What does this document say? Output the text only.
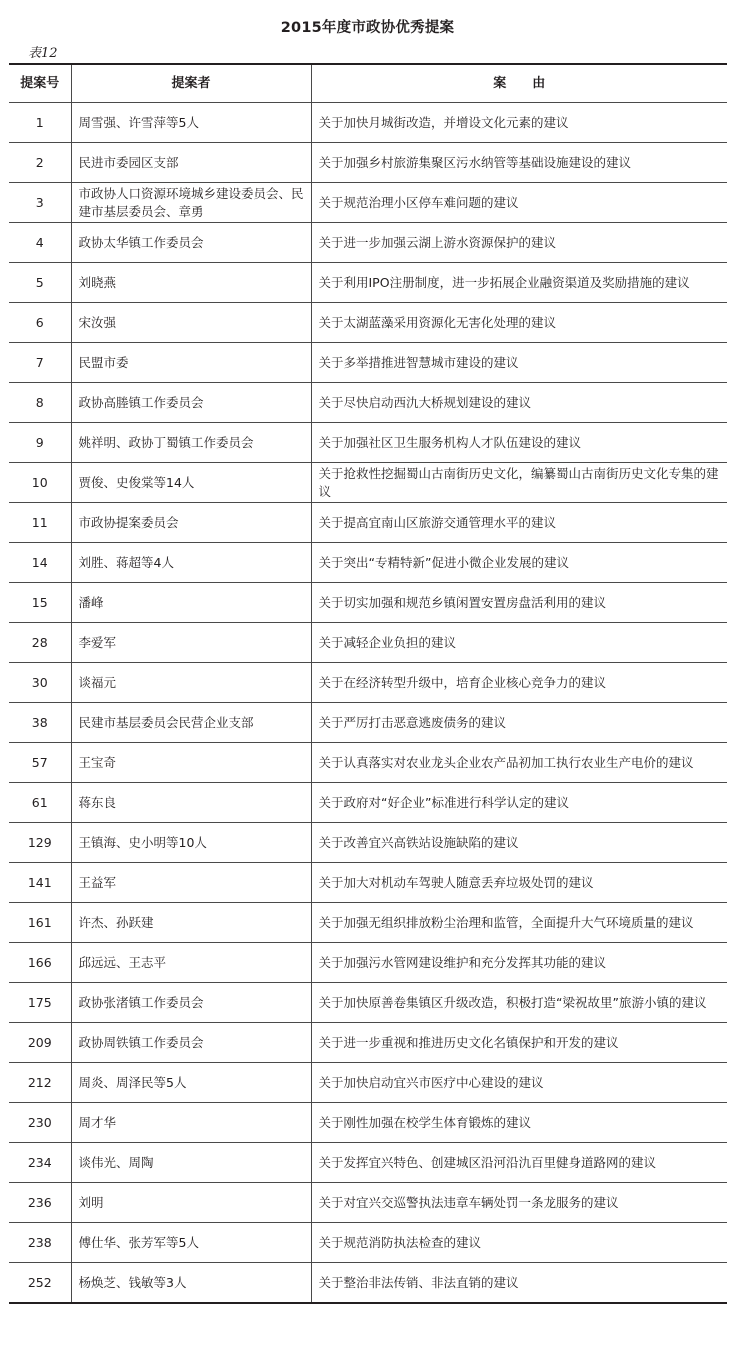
2015年度市政协优秀提案
表12
提案号	提案者	案　　由
1	周雪强、许雪萍等5人	关于加快月城街改造，并增设文化元素的建议
2	民进市委园区支部	关于加强乡村旅游集聚区污水纳管等基础设施建设的建议
3	市政协人口资源环境城乡建设委员会、民建市基层委员会、章勇	关于规范治理小区停车难问题的建议
4	政协太华镇工作委员会	关于进一步加强云湖上游水资源保护的建议
5	刘晓燕	关于利用IPO注册制度，进一步拓展企业融资渠道及奖励措施的建议
6	宋汝强	关于太湖蓝藻采用资源化无害化处理的建议
7	民盟市委	关于多举措推进智慧城市建设的建议
8	政协高塍镇工作委员会	关于尽快启动西氿大桥规划建设的建议
9	姚祥明、政协丁蜀镇工作委员会	关于加强社区卫生服务机构人才队伍建设的建议
10	贾俊、史俊棠等14人	关于抢救性挖掘蜀山古南街历史文化，编纂蜀山古南街历史文化专集的建议
11	市政协提案委员会	关于提高宜南山区旅游交通管理水平的建议
14	刘胜、蒋超等4人	关于突出“专精特新”促进小微企业发展的建议
15	潘峰	关于切实加强和规范乡镇闲置安置房盘活利用的建议
28	李爱军	关于减轻企业负担的建议
30	谈福元	关于在经济转型升级中，培育企业核心竞争力的建议
38	民建市基层委员会民营企业支部	关于严厉打击恶意逃废债务的建议
57	王宝奇	关于认真落实对农业龙头企业农产品初加工执行农业生产电价的建议
61	蒋东良	关于政府对“好企业”标准进行科学认定的建议
129	王镇海、史小明等10人	关于改善宜兴高铁站设施缺陷的建议
141	王益军	关于加大对机动车驾驶人随意丢弃垃圾处罚的建议
161	许杰、孙跃建	关于加强无组织排放粉尘治理和监管，全面提升大气环境质量的建议
166	邱远远、王志平	关于加强污水管网建设维护和充分发挥其功能的建议
175	政协张渚镇工作委员会	关于加快原善卷集镇区升级改造，积极打造“梁祝故里”旅游小镇的建议
209	政协周铁镇工作委员会	关于进一步重视和推进历史文化名镇保护和开发的建议
212	周炎、周泽民等5人	关于加快启动宜兴市医疗中心建设的建议
230	周才华	关于刚性加强在校学生体育锻炼的建议
234	谈伟光、周陶	关于发挥宜兴特色、创建城区沿河沿氿百里健身道路网的建议
236	刘明	关于对宜兴交巡警执法违章车辆处罚一条龙服务的建议
238	傅仕华、张芳军等5人	关于规范消防执法检查的建议
252	杨焕芝、钱敏等3人	关于整治非法传销、非法直销的建议
